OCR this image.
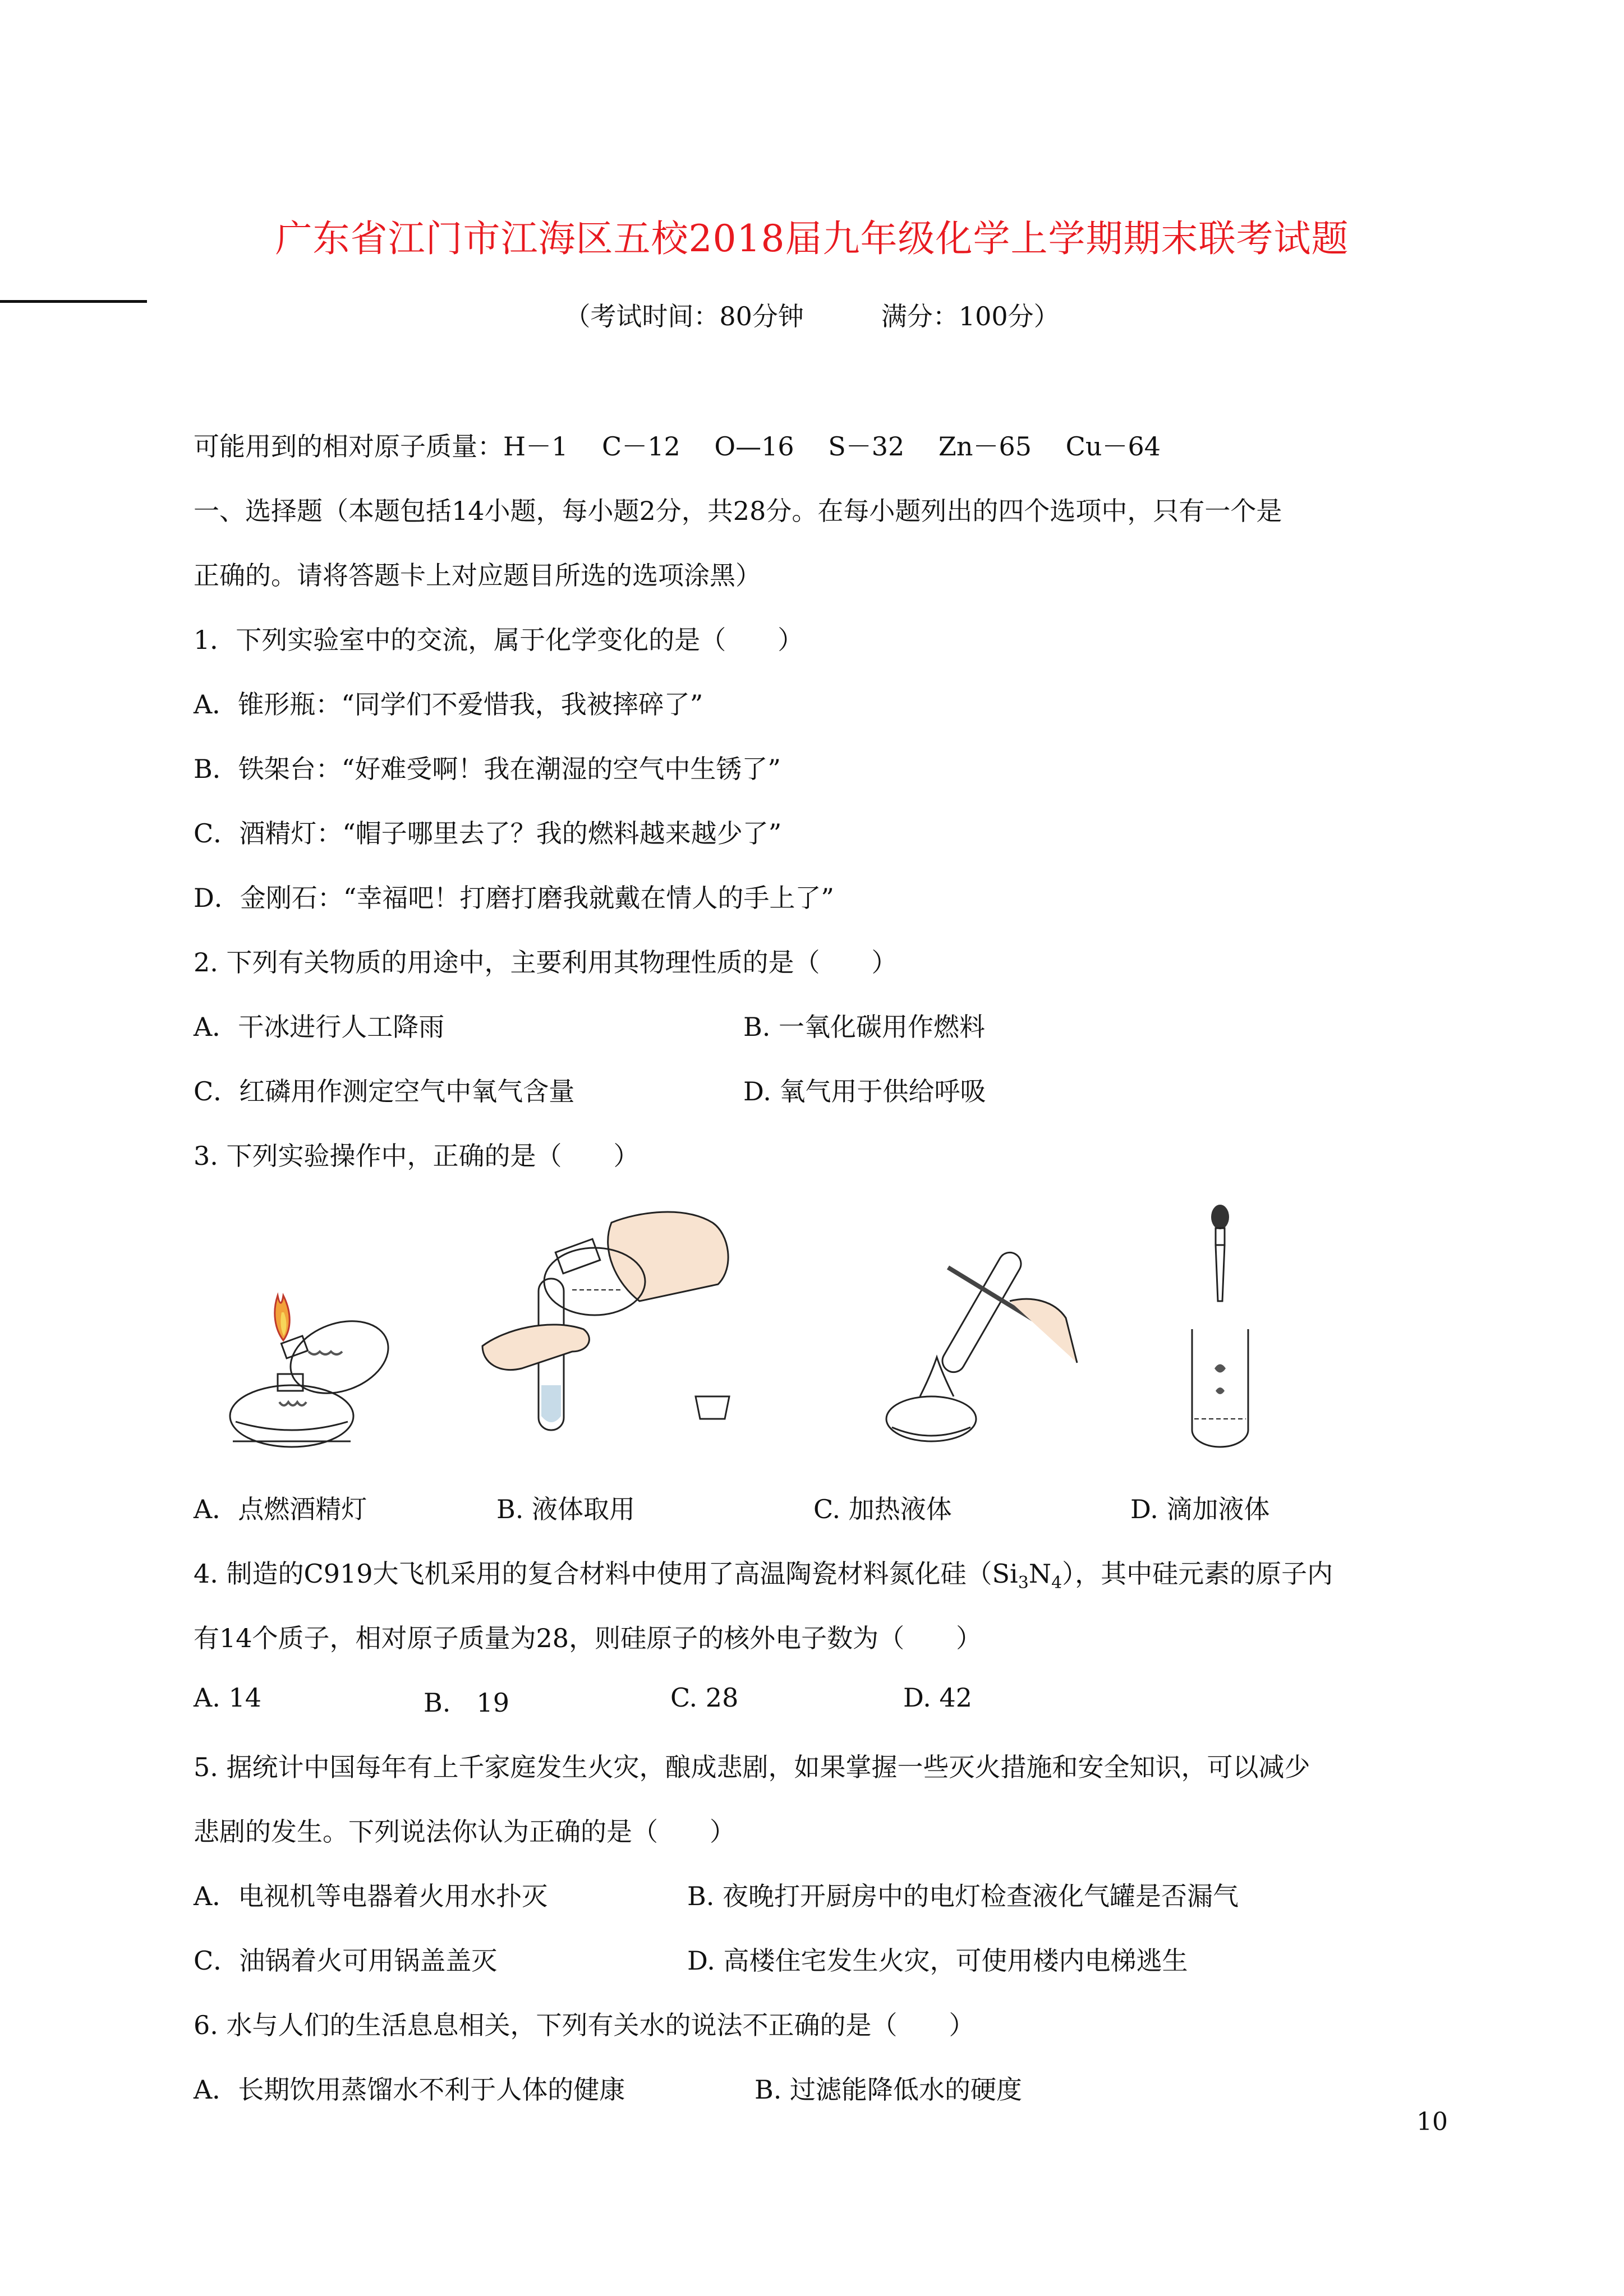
广东省江门市江海区五校2018届九年级化学上学期期末联考试题
（考试时间：80分钟　　　满分：100分）
可能用到的相对原子质量：H－1　 C－12　 O—16　 S－32　 Zn－65　 Cu－64
一、选择题（本题包括14小题，每小题2分，共28分。在每小题列出的四个选项中，只有一个是
正确的。请将答题卡上对应题目所选的选项涂黑）
1．下列实验室中的交流，属于化学变化的是（　　）
A．锥形瓶：“同学们不爱惜我，我被摔碎了”
B．铁架台：“好难受啊！我在潮湿的空气中生锈了”
C．酒精灯：“帽子哪里去了？我的燃料越来越少了”
D．金刚石：“幸福吧！打磨打磨我就戴在情人的手上了”
2. 下列有关物质的用途中，主要利用其物理性质的是（　　）
A．干冰进行人工降雨	B. 一氧化碳用作燃料
C．红磷用作测定空气中氧气含量	D. 氧气用于供给呼吸
3. 下列实验操作中，正确的是（　　）
A．点燃酒精灯	B. 液体取用	C. 加热液体	D. 滴加液体
4. 制造的C919大飞机采用的复合材料中使用了高温陶瓷材料氮化硅$(Si_3N_4)$，其中硅元素的原子内
有14个质子，相对原子质量为28，则硅原子的核外电子数为（　　）
A. 14	B.　19	C. 28	D. 42
5. 据统计中国每年有上千家庭发生火灾，酿成悲剧，如果掌握一些灭火措施和安全知识，可以减少
悲剧的发生。下列说法你认为正确的是（　　）
A．电视机等电器着火用水扑灭	B. 夜晚打开厨房中的电灯检查液化气罐是否漏气
C．油锅着火可用锅盖盖灭	D. 高楼住宅发生火灾，可使用楼内电梯逃生
6. 水与人们的生活息息相关，下列有关水的说法不正确的是（　　）
A．长期饮用蒸馏水不利于人体的健康	B. 过滤能降低水的硬度
10
